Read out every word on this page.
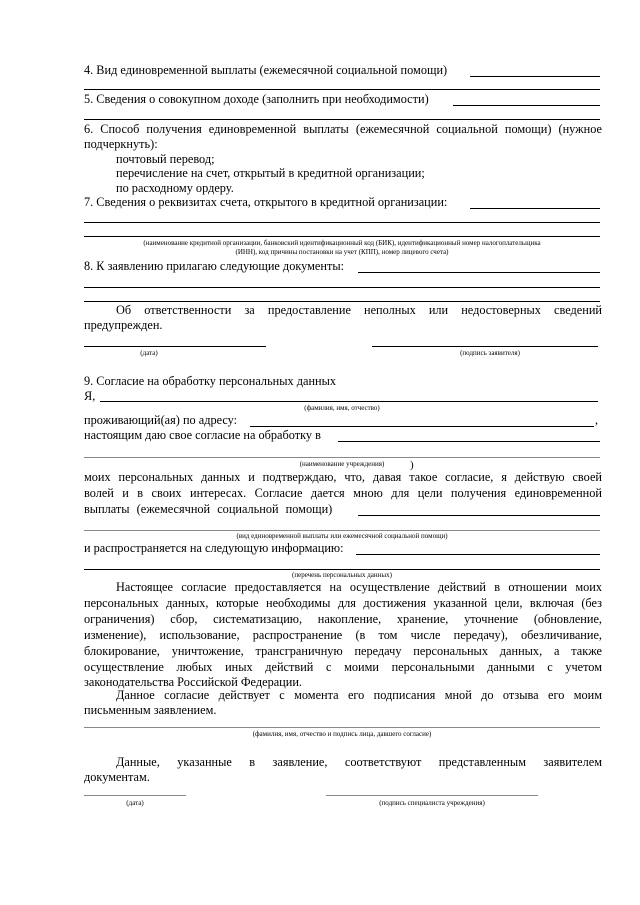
4. Вид единовременной выплаты (ежемесячной социальной помощи)
5. Сведения о совокупном доходе (заполнить при необходимости)
6. Способ получения единовременной выплаты (ежемесячной социальной помощи) (нужное
подчеркнуть):
почтовый перевод;
перечисление на счет, открытый в кредитной организации;
по расходному ордеру.
7. Сведения о реквизитах счета, открытого в кредитной организации:
(наименование кредитной организации, банковский идентификационный код (БИК), идентификационный номер налогоплательщика
(ИНН), код причины постановки на учет (КПП), номер лицевого счета)
8. К заявлению прилагаю следующие документы:
Об ответственности за предоставление неполных или недостоверных сведений
предупрежден.
(дата)	(подпись заявителя)
9. Согласие на обработку персональных данных
Я,
(фамилия, имя, отчество)
проживающий(ая) по адресу:	,
настоящим даю свое согласие на обработку в
(наименование учреждения)	)
моих персональных данных и подтверждаю, что, давая такое согласие, я действую своей
волей и в своих интересах. Согласие дается мною для цели получения единовременной
выплаты (ежемесячной социальной помощи)
(вид единовременной выплаты или ежемесячной социальной помощи)
и распространяется на следующую информацию:
(перечень персональных данных)
Настоящее согласие предоставляется на осуществление действий в отношении моих
персональных данных, которые необходимы для достижения указанной цели, включая (без
ограничения) сбор, систематизацию, накопление, хранение, уточнение (обновление,
изменение), использование, распространение (в том числе передачу), обезличивание,
блокирование, уничтожение, трансграничную передачу персональных данных, а также
осуществление любых иных действий с моими персональными данными с учетом
законодательства Российской Федерации.
Данное согласие действует с момента его подписания мной до отзыва его моим
письменным заявлением.
(фамилия, имя, отчество и подпись лица, давшего согласие)
Данные, указанные в заявление, соответствуют представленным заявителем
документам.
(дата)	(подпись специалиста учреждения)
